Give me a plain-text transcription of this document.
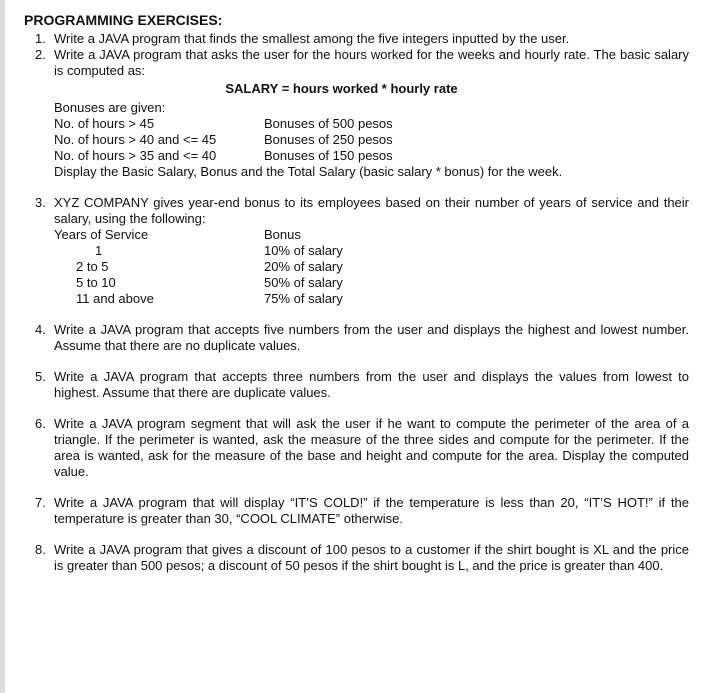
PROGRAMMING EXERCISES:
1. Write a JAVA program that finds the smallest among the five integers inputted by the user.
2. Write a JAVA program that asks the user for the hours worked for the weeks and hourly rate. The basic salary is computed as:
SALARY = hours worked * hourly rate
Bonuses are given:
No. of hours > 45	Bonuses of 500 pesos
No. of hours > 40 and <= 45	Bonuses of 250 pesos
No. of hours > 35 and <= 40	Bonuses of 150 pesos
Display the Basic Salary, Bonus and the Total Salary (basic salary * bonus) for the week.
3. XYZ COMPANY gives year-end bonus to its employees based on their number of years of service and their salary, using the following:
Years of Service	Bonus
1	10% of salary
2 to 5	20% of salary
5 to 10	50% of salary
11 and above	75% of salary
4. Write a JAVA program that accepts five numbers from the user and displays the highest and lowest number. Assume that there are no duplicate values.
5. Write a JAVA program that accepts three numbers from the user and displays the values from lowest to highest. Assume that there are duplicate values.
6. Write a JAVA program segment that will ask the user if he want to compute the perimeter of the area of a triangle. If the perimeter is wanted, ask the measure of the three sides and compute for the perimeter. If the area is wanted, ask for the measure of the base and height and compute for the area. Display the computed value.
7. Write a JAVA program that will display “IT’S COLD!” if the temperature is less than 20, “IT’S HOT!” if the temperature is greater than 30, “COOL CLIMATE” otherwise.
8. Write a JAVA program that gives a discount of 100 pesos to a customer if the shirt bought is XL and the price is greater than 500 pesos; a discount of 50 pesos if the shirt bought is L, and the price is greater than 400.
